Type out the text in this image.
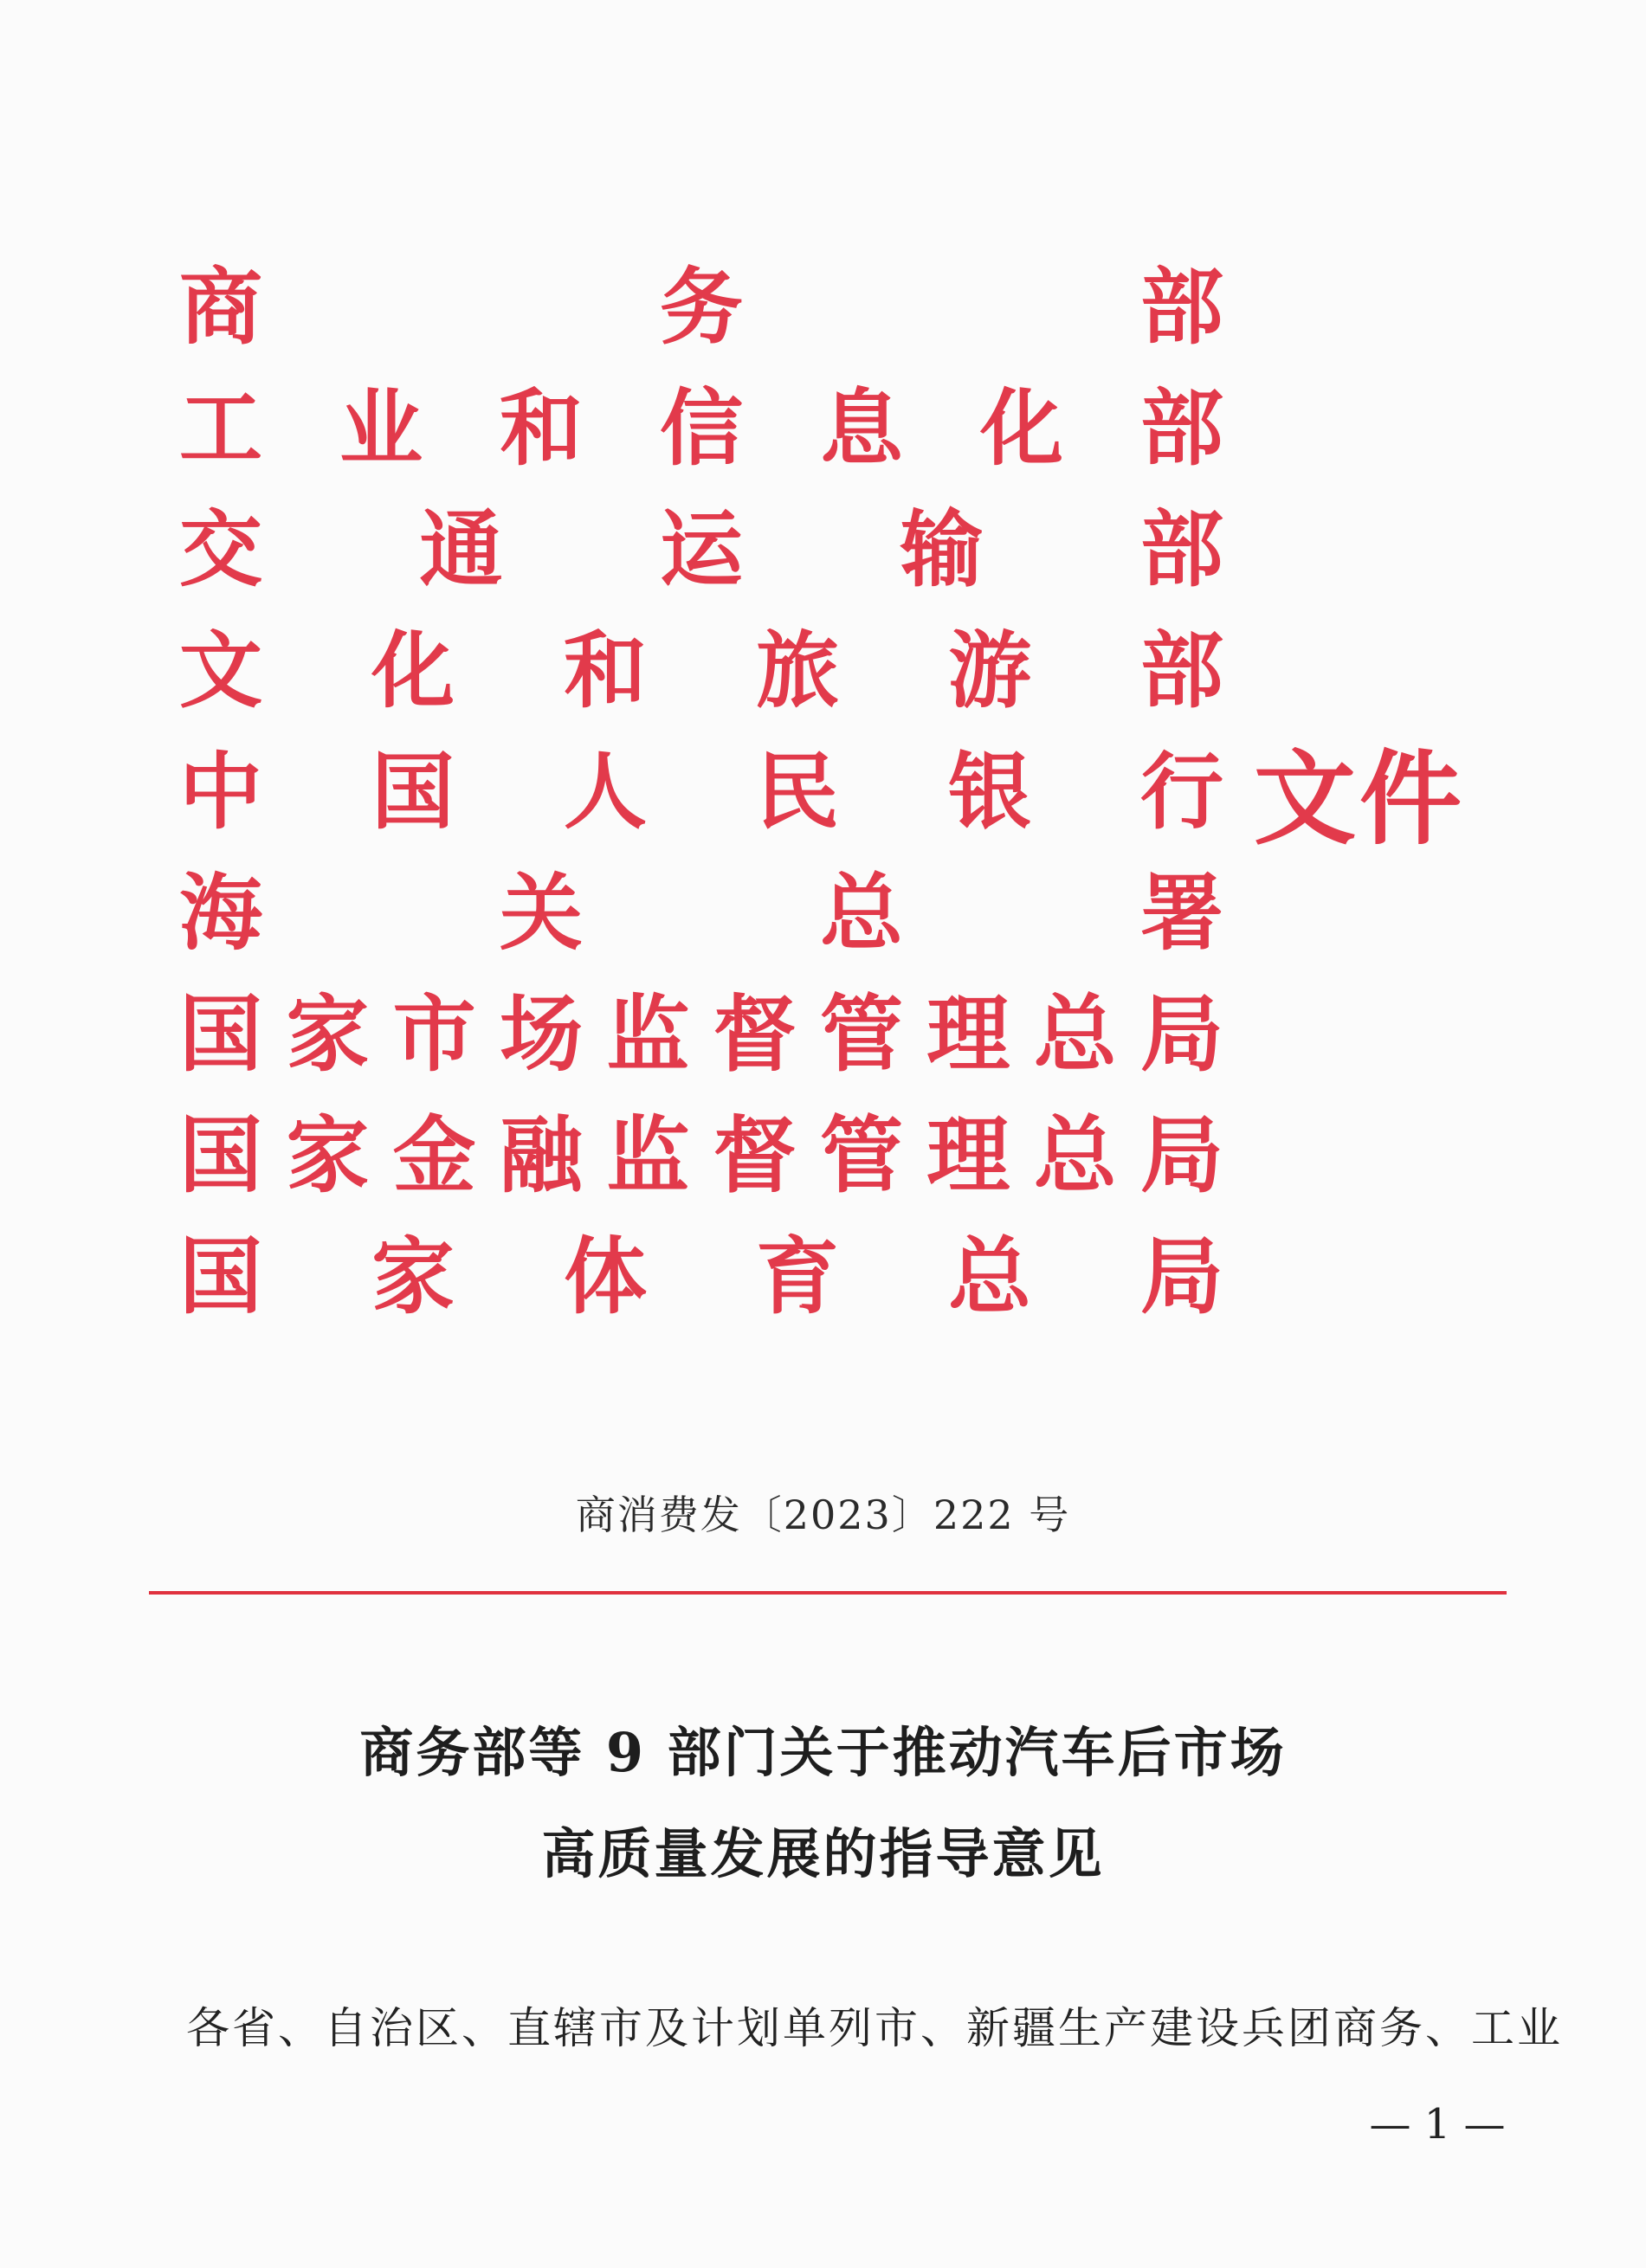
商	务	部
工 业 和 信 息 化 部
交 通 运 输 部
文 化 和 旅 游 部
中 国 人 民 银 行
海	关	总	署
国 家 市 场 监 督 管 理 总 局
国 家 金 融 监 督 管 理 总 局
国 家 体 育 总 局
文件
商消费发〔2023〕222 号
商务部等 9 部门关于推动汽车后市场
高质量发展的指导意见
各省、自治区、直辖市及计划单列市、新疆生产建设兵团商务、工业
— 1 —
